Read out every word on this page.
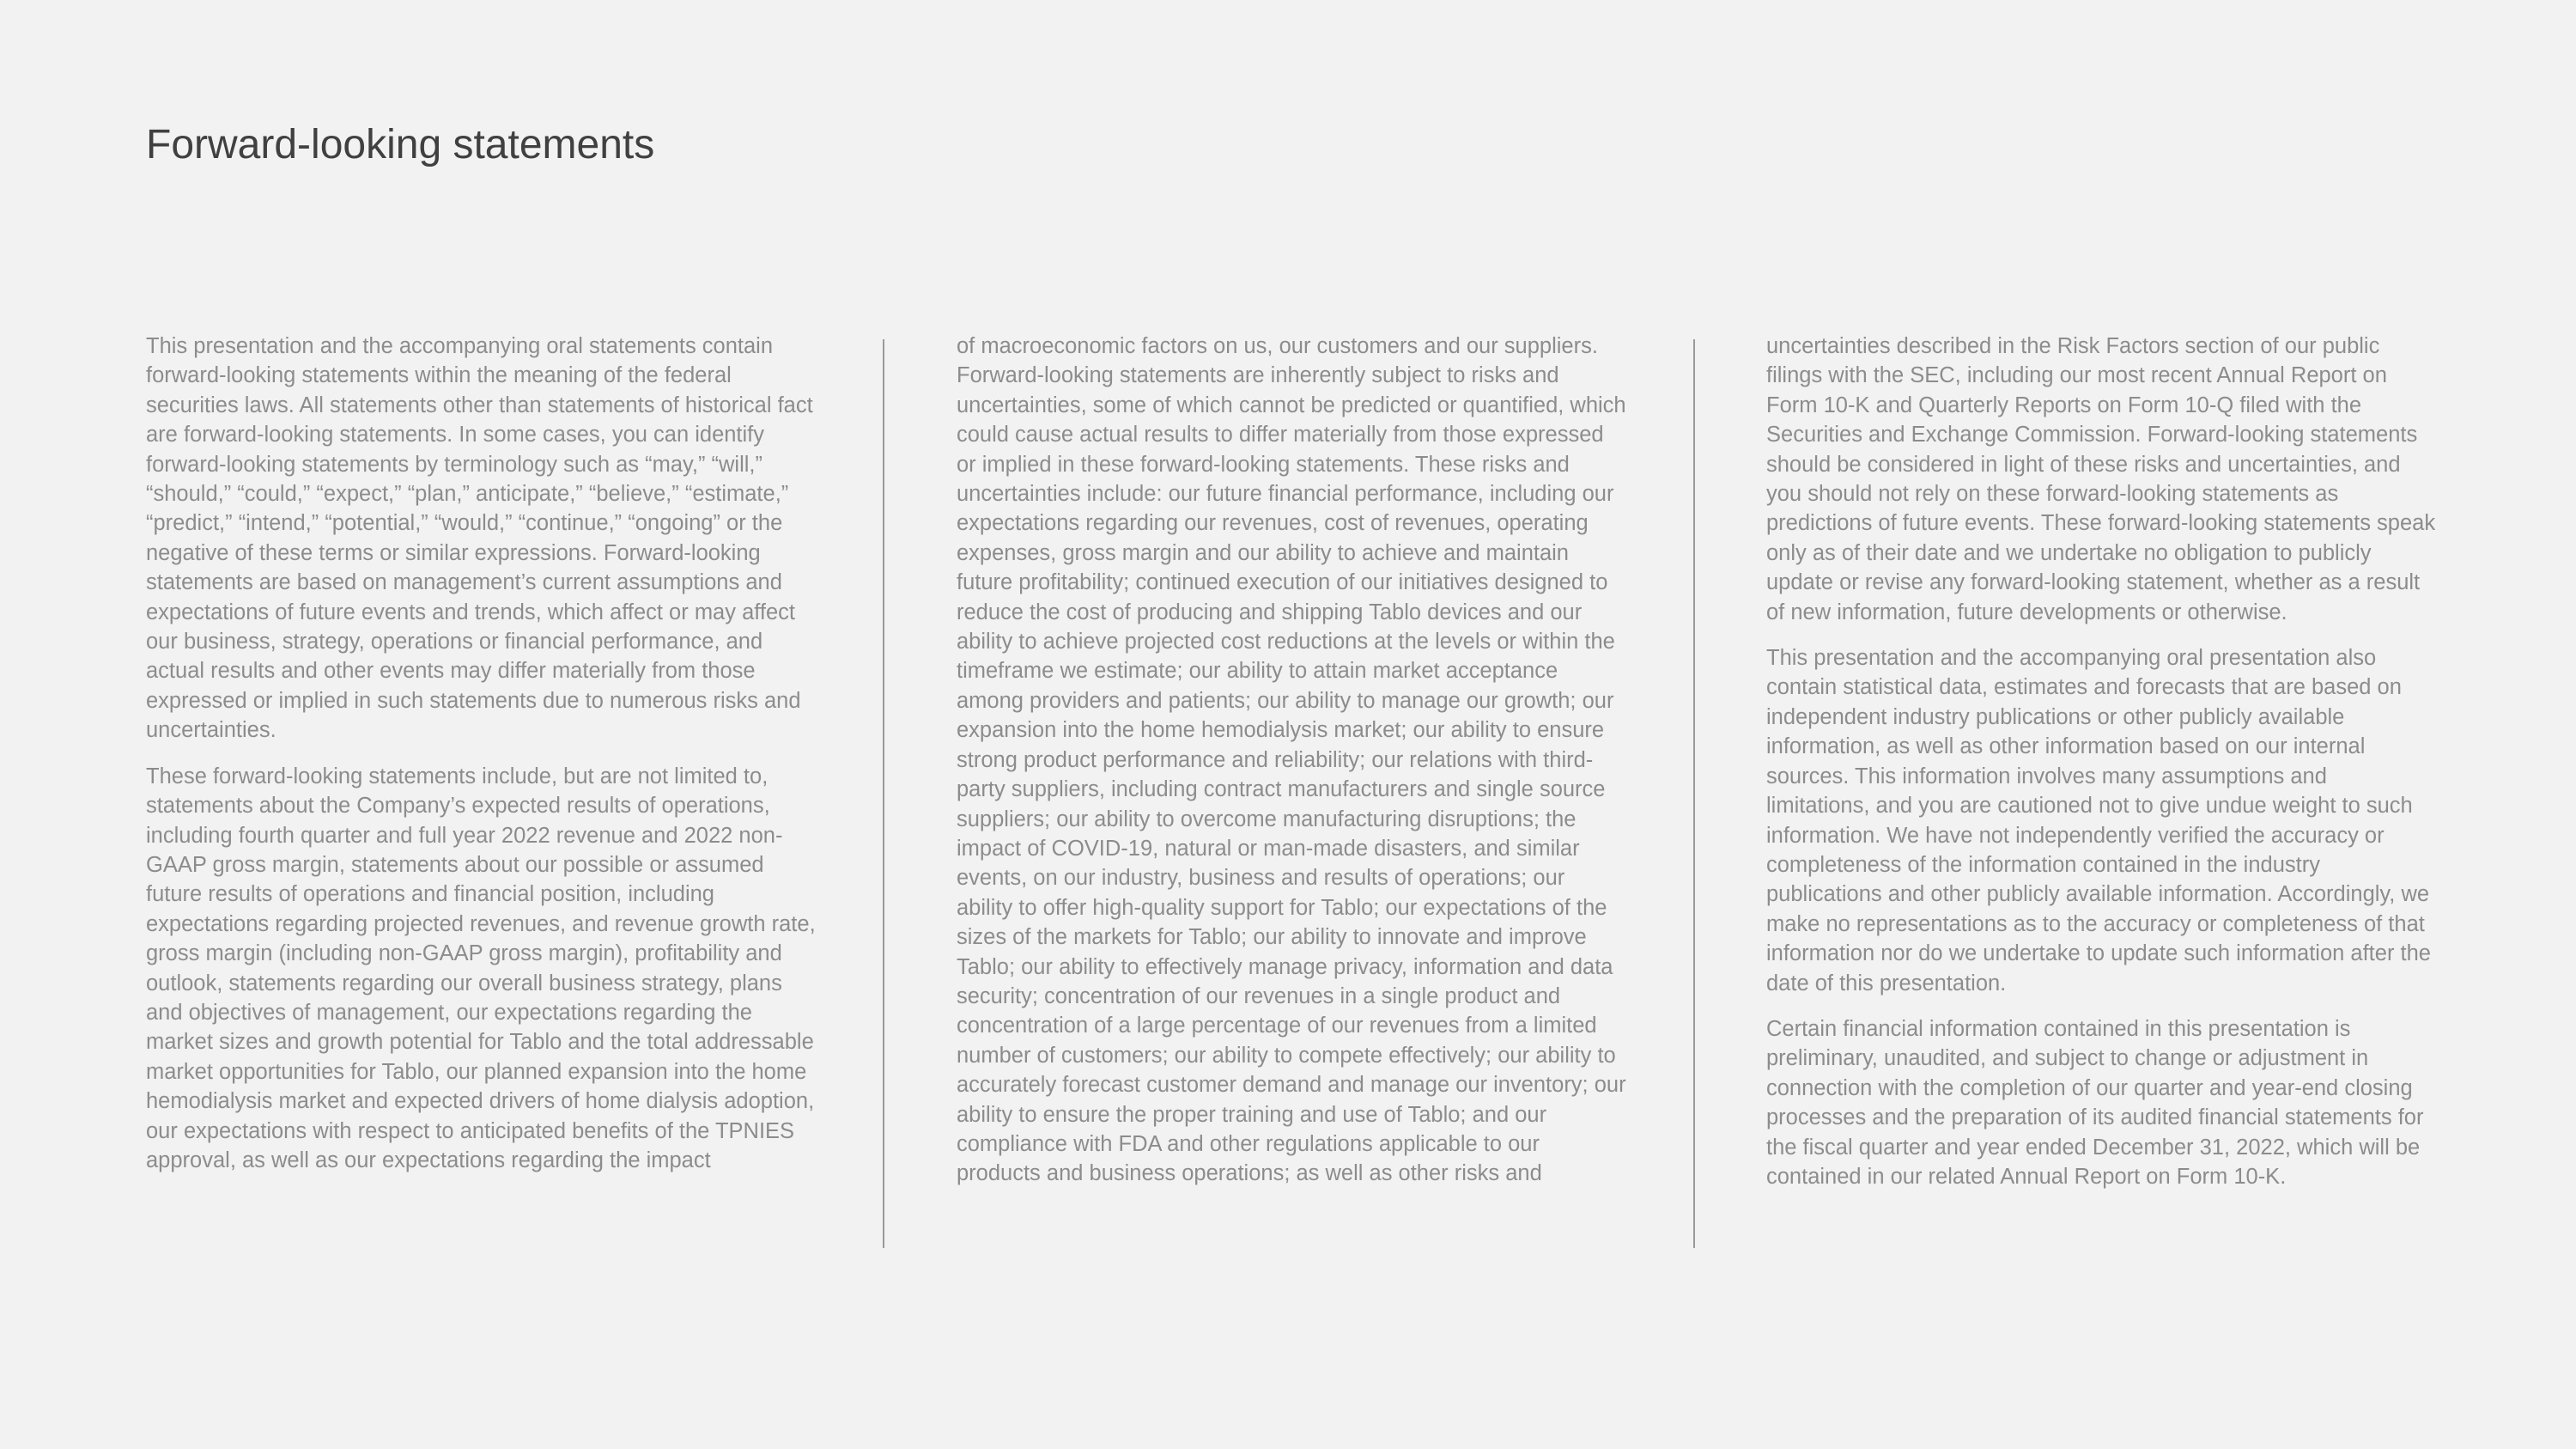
Forward-looking statements

This presentation and the accompanying oral statements contain forward-looking statements within the meaning of the federal securities laws. All statements other than statements of historical fact are forward-looking statements. In some cases, you can identify forward-looking statements by terminology such as “may,” “will,” “should,” “could,” “expect,” “plan,” anticipate,” “believe,” “estimate,” “predict,” “intend,” “potential,” “would,” “continue,” “ongoing” or the negative of these terms or similar expressions. Forward-looking statements are based on management’s current assumptions and expectations of future events and trends, which affect or may affect our business, strategy, operations or financial performance, and actual results and other events may differ materially from those expressed or implied in such statements due to numerous risks and uncertainties.

These forward-looking statements include, but are not limited to, statements about the Company’s expected results of operations, including fourth quarter and full year 2022 revenue and 2022 non-GAAP gross margin, statements about our possible or assumed future results of operations and financial position, including expectations regarding projected revenues, and revenue growth rate, gross margin (including non-GAAP gross margin), profitability and outlook, statements regarding our overall business strategy, plans and objectives of management, our expectations regarding the market sizes and growth potential for Tablo and the total addressable market opportunities for Tablo, our planned expansion into the home hemodialysis market and expected drivers of home dialysis adoption, our expectations with respect to anticipated benefits of the TPNIES approval, as well as our expectations regarding the impact

of macroeconomic factors on us, our customers and our suppliers. Forward-looking statements are inherently subject to risks and uncertainties, some of which cannot be predicted or quantified, which could cause actual results to differ materially from those expressed or implied in these forward-looking statements. These risks and uncertainties include: our future financial performance, including our expectations regarding our revenues, cost of revenues, operating expenses, gross margin and our ability to achieve and maintain future profitability; continued execution of our initiatives designed to reduce the cost of producing and shipping Tablo devices and our ability to achieve projected cost reductions at the levels or within the timeframe we estimate; our ability to attain market acceptance among providers and patients; our ability to manage our growth; our expansion into the home hemodialysis market; our ability to ensure strong product performance and reliability; our relations with third-party suppliers, including contract manufacturers and single source suppliers; our ability to overcome manufacturing disruptions; the impact of COVID-19, natural or man-made disasters, and similar events, on our industry, business and results of operations; our ability to offer high-quality support for Tablo; our expectations of the sizes of the markets for Tablo; our ability to innovate and improve Tablo; our ability to effectively manage privacy, information and data security; concentration of our revenues in a single product and concentration of a large percentage of our revenues from a limited number of customers; our ability to compete effectively; our ability to accurately forecast customer demand and manage our inventory; our ability to ensure the proper training and use of Tablo; and our compliance with FDA and other regulations applicable to our products and business operations; as well as other risks and

uncertainties described in the Risk Factors section of our public filings with the SEC, including our most recent Annual Report on Form 10-K and Quarterly Reports on Form 10-Q filed with the Securities and Exchange Commission. Forward-looking statements should be considered in light of these risks and uncertainties, and you should not rely on these forward-looking statements as predictions of future events. These forward-looking statements speak only as of their date and we undertake no obligation to publicly update or revise any forward-looking statement, whether as a result of new information, future developments or otherwise.

This presentation and the accompanying oral presentation also contain statistical data, estimates and forecasts that are based on independent industry publications or other publicly available information, as well as other information based on our internal sources. This information involves many assumptions and limitations, and you are cautioned not to give undue weight to such information. We have not independently verified the accuracy or completeness of the information contained in the industry publications and other publicly available information. Accordingly, we make no representations as to the accuracy or completeness of that information nor do we undertake to update such information after the date of this presentation.

Certain financial information contained in this presentation is preliminary, unaudited, and subject to change or adjustment in connection with the completion of our quarter and year-end closing processes and the preparation of its audited financial statements for the fiscal quarter and year ended December 31, 2022, which will be contained in our related Annual Report on Form 10-K.
